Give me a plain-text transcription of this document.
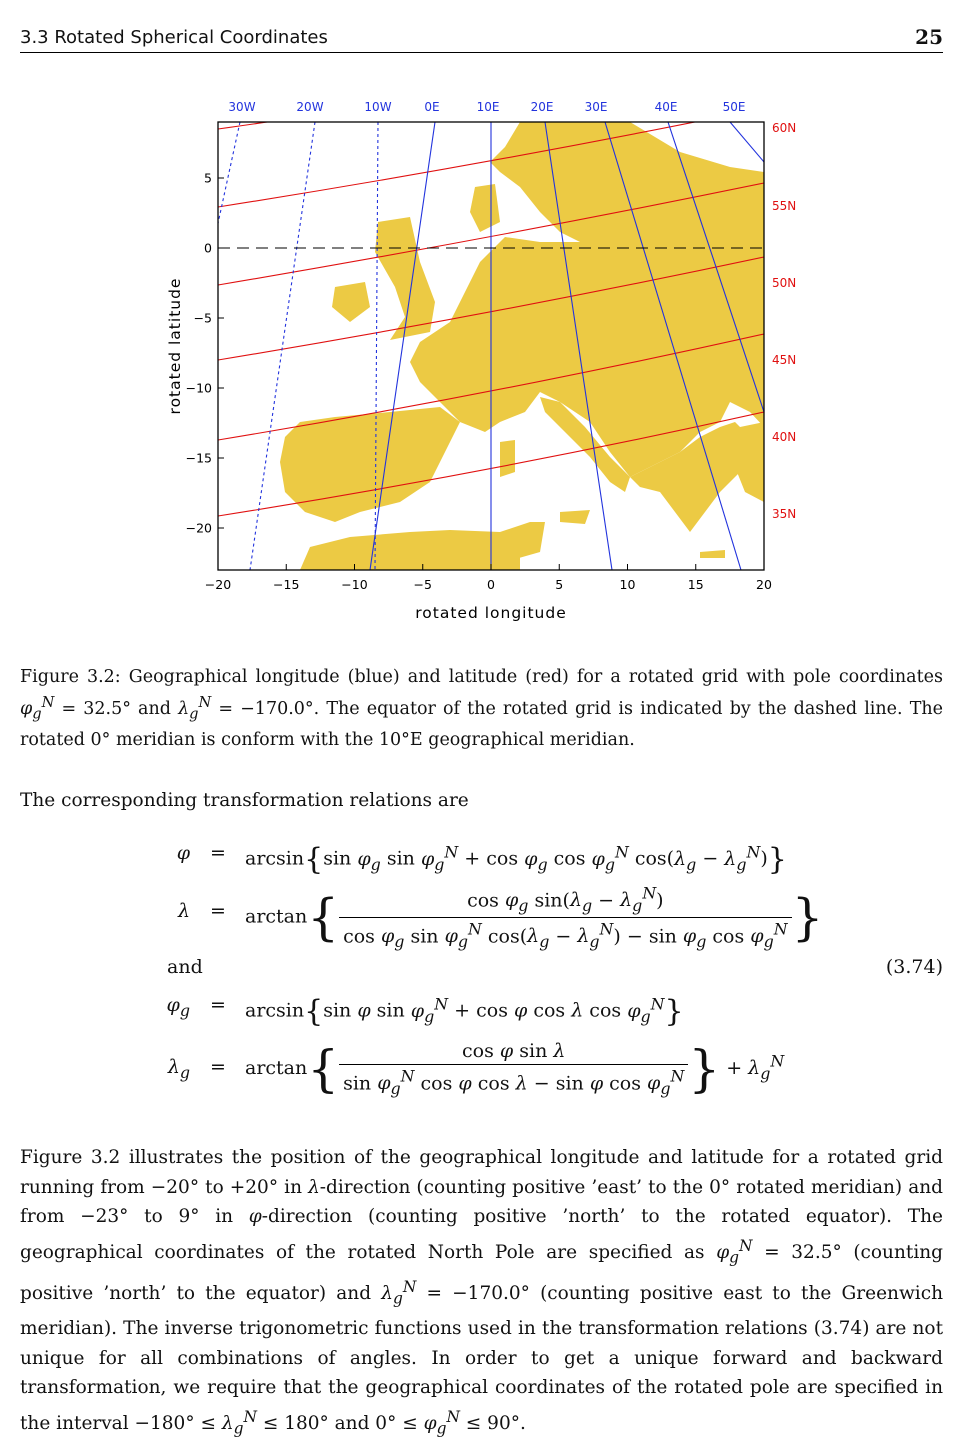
3.3 Rotated Spherical Coordinates	25
−20	−15	−10	−5	0	5	10	15	20
5
0
−5
−10
−15
−20
60N
55N
50N
45N
40N
35N
30W	20W	10W	0E	10E	20E	30E	40E	50E
rotated longitude
rotated latitude
Figure 3.2: Geographical longitude (blue) and latitude (red) for a rotated grid with pole coordinates $\varphi_g^N = 32.5^\circ$ and $\lambda_g^N = -170.0^\circ$. The equator of the rotated grid is indicated by the dashed line. The rotated 0° meridian is conform with the 10°E geographical meridian.
The corresponding transformation relations are
φ = arcsin{sin $\varphi_g$ $\sin \varphi_g^N + \cos \varphi_g$ $\cos \varphi_g^N$ $\cos(\lambda_g - \lambda_g^N)$}
$\lambda = \arctan\{ \frac{\cos \varphi_g \sin(\lambda_g - \lambda_g^N)}{\cos \varphi_g \sin \varphi_g^N \cos(\lambda_g - \lambda_g^N) - \sin \varphi_g \cos \varphi_g^N}$ }
and	(3.74)
$\varphi_g = \arcsin\{\sin$ φ $\sin \varphi_g^N + \cos \varphi$ cos λ $\cos \varphi_g^N$}
$\lambda_g = \arctan\{ \frac{\text{cos φ sin λ}}{\sin \varphi_g^N \cos \varphi \cos \lambda - \sin \varphi \cos \varphi_g^N}$ } + $\lambda_g^N$
Figure 3.2 illustrates the position of the geographical longitude and latitude for a rotated grid running from −20° to +20° in λ-direction (counting positive ’east’ to the 0° rotated meridian) and from −23° to 9° in φ-direction (counting positive ’north’ to the rotated equator). The geographical coordinates of the rotated North Pole are specified as $\varphi_g^N = 32.5^\circ$ (counting positive ’north’ to the equator) and $\lambda_g^N = -170.0^\circ$ (counting positive east to the Greenwich meridian). The inverse trigonometric functions used in the transformation relations (3.74) are not unique for all combinations of angles. In order to get a unique forward and backward transformation, we require that the geographical coordinates of the rotated pole are specified in the interval $-180^\circ \le \lambda_g^N \le 180^\circ$ and $0^\circ \le \varphi_g^N \le 90^\circ$.
